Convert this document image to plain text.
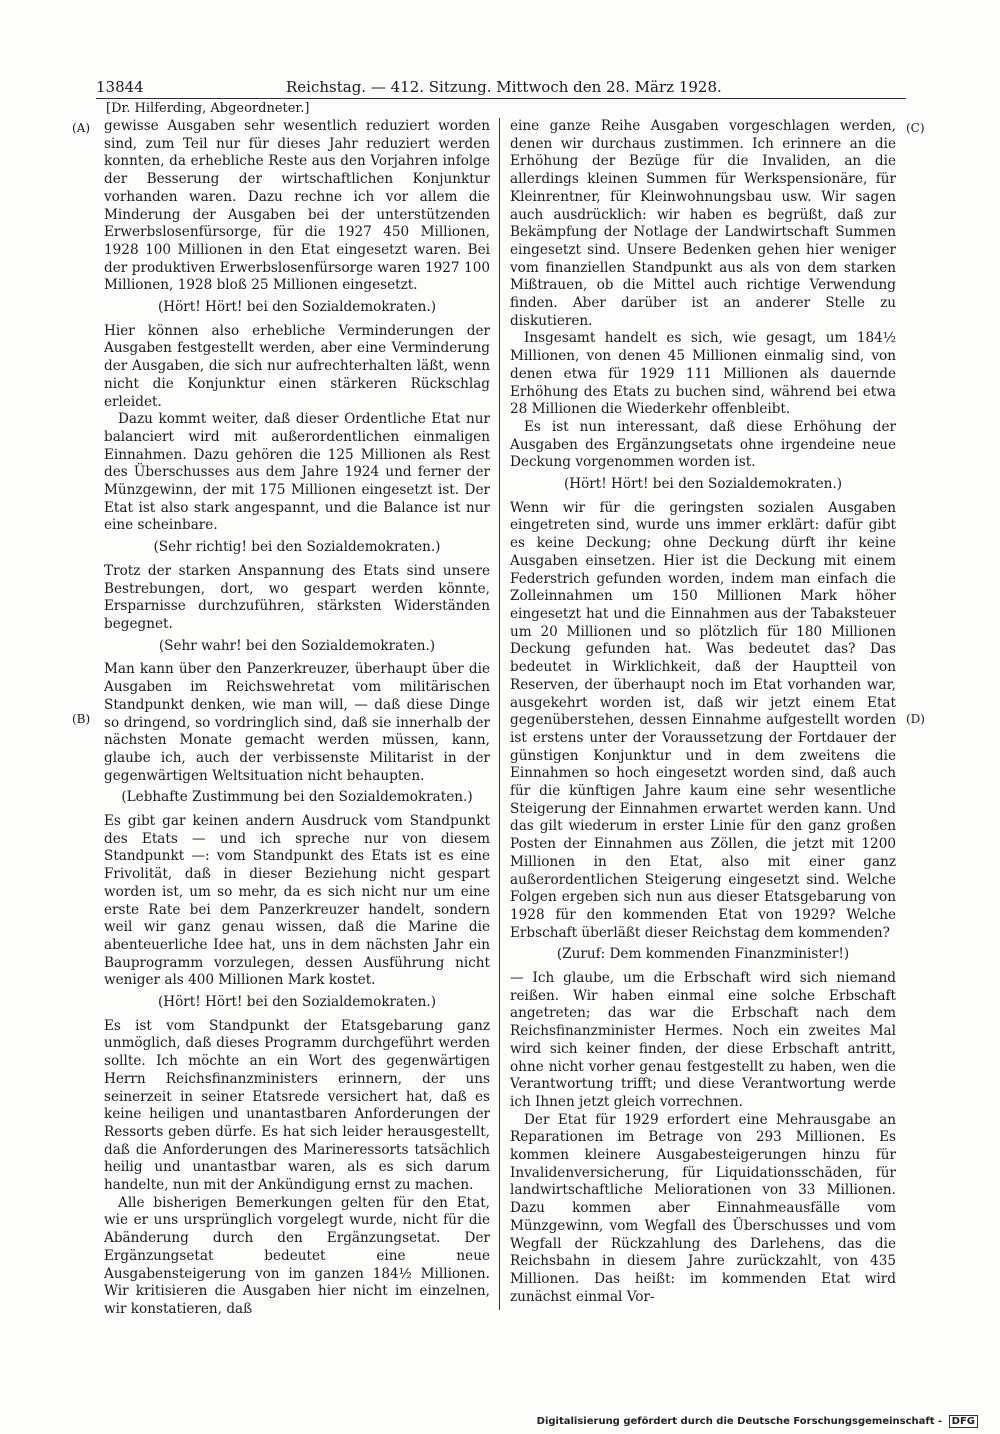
13844	Reichstag. — 412. Sitzung. Mittwoch den 28. März 1928.
[Dr. Hilferding, Abgeordneter.]
(A)
(B)
(C)
(D)

gewisse Ausgaben sehr wesentlich reduziert worden sind, zum Teil nur für dieses Jahr reduziert werden konnten, da erhebliche Reste aus den Vorjahren infolge der Besserung der wirtschaftlichen Konjunktur vorhanden waren. Dazu rechne ich vor allem die Minderung der Ausgaben bei der unterstützenden Erwerbslosenfürsorge, für die 1927 450 Millionen, 1928 100 Millionen in den Etat eingesetzt waren. Bei der produktiven Erwerbslosenfürsorge waren 1927 100 Millionen, 1928 bloß 25 Millionen eingesetzt.

(Hört! Hört! bei den Sozialdemokraten.)

Hier können also erhebliche Verminderungen der Ausgaben festgestellt werden, aber eine Verminderung der Ausgaben, die sich nur aufrechterhalten läßt, wenn nicht die Konjunktur einen stärkeren Rückschlag erleidet.

Dazu kommt weiter, daß dieser Ordentliche Etat nur balanciert wird mit außerordentlichen einmaligen Einnahmen. Dazu gehören die 125 Millionen als Rest des Überschusses aus dem Jahre 1924 und ferner der Münzgewinn, der mit 175 Millionen eingesetzt ist. Der Etat ist also stark angespannt, und die Balance ist nur eine scheinbare.

(Sehr richtig! bei den Sozialdemokraten.)

Trotz der starken Anspannung des Etats sind unsere Bestrebungen, dort, wo gespart werden könnte, Ersparnisse durchzuführen, stärksten Widerständen begegnet.

(Sehr wahr! bei den Sozialdemokraten.)

Man kann über den Panzerkreuzer, überhaupt über die Ausgaben im Reichswehretat vom militärischen Standpunkt denken, wie man will, — daß diese Dinge so dringend, so vordringlich sind, daß sie innerhalb der nächsten Monate gemacht werden müssen, kann, glaube ich, auch der verbissenste Militarist in der gegenwärtigen Weltsituation nicht behaupten.

(Lebhafte Zustimmung bei den Sozialdemokraten.)

Es gibt gar keinen andern Ausdruck vom Standpunkt des Etats — und ich spreche nur von diesem Standpunkt —: vom Standpunkt des Etats ist es eine Frivolität, daß in dieser Beziehung nicht gespart worden ist, um so mehr, da es sich nicht nur um eine erste Rate bei dem Panzerkreuzer handelt, sondern weil wir ganz genau wissen, daß die Marine die abenteuerliche Idee hat, uns in dem nächsten Jahr ein Bauprogramm vorzulegen, dessen Ausführung nicht weniger als 400 Millionen Mark kostet.

(Hört! Hört! bei den Sozialdemokraten.)

Es ist vom Standpunkt der Etatsgebarung ganz unmöglich, daß dieses Programm durchgeführt werden sollte. Ich möchte an ein Wort des gegenwärtigen Herrn Reichsfinanzministers erinnern, der uns seinerzeit in seiner Etatsrede versichert hat, daß es keine heiligen und unantastbaren Anforderungen der Ressorts geben dürfe. Es hat sich leider herausgestellt, daß die Anforderungen des Marineressorts tatsächlich heilig und unantastbar waren, als es sich darum handelte, nun mit der Ankündigung ernst zu machen.

Alle bisherigen Bemerkungen gelten für den Etat, wie er uns ursprünglich vorgelegt wurde, nicht für die Abänderung durch den Ergänzungsetat. Der Ergänzungsetat bedeutet eine neue Ausgabensteigerung von im ganzen 184½ Millionen. Wir kritisieren die Ausgaben hier nicht im einzelnen, wir konstatieren, daß

eine ganze Reihe Ausgaben vorgeschlagen werden, denen wir durchaus zustimmen. Ich erinnere an die Erhöhung der Bezüge für die Invaliden, an die allerdings kleinen Summen für Werkspensionäre, für Kleinrentner, für Kleinwohnungsbau usw. Wir sagen auch ausdrücklich: wir haben es begrüßt, daß zur Bekämpfung der Notlage der Landwirtschaft Summen eingesetzt sind. Unsere Bedenken gehen hier weniger vom finanziellen Standpunkt aus als von dem starken Mißtrauen, ob die Mittel auch richtige Verwendung finden. Aber darüber ist an anderer Stelle zu diskutieren.

Insgesamt handelt es sich, wie gesagt, um 184½ Millionen, von denen 45 Millionen einmalig sind, von denen etwa für 1929 111 Millionen als dauernde Erhöhung des Etats zu buchen sind, während bei etwa 28 Millionen die Wiederkehr offenbleibt.

Es ist nun interessant, daß diese Erhöhung der Ausgaben des Ergänzungsetats ohne irgendeine neue Deckung vorgenommen worden ist.

(Hört! Hört! bei den Sozialdemokraten.)

Wenn wir für die geringsten sozialen Ausgaben eingetreten sind, wurde uns immer erklärt: dafür gibt es keine Deckung; ohne Deckung dürft ihr keine Ausgaben einsetzen. Hier ist die Deckung mit einem Federstrich gefunden worden, indem man einfach die Zolleinnahmen um 150 Millionen Mark höher eingesetzt hat und die Einnahmen aus der Tabaksteuer um 20 Millionen und so plötzlich für 180 Millionen Deckung gefunden hat. Was bedeutet das? Das bedeutet in Wirklichkeit, daß der Hauptteil von Reserven, der überhaupt noch im Etat vorhanden war, ausgekehrt worden ist, daß wir jetzt einem Etat gegenüberstehen, dessen Einnahme aufgestellt worden ist erstens unter der Voraussetzung der Fortdauer der günstigen Konjunktur und in dem zweitens die Einnahmen so hoch eingesetzt worden sind, daß auch für die künftigen Jahre kaum eine sehr wesentliche Steigerung der Einnahmen erwartet werden kann. Und das gilt wiederum in erster Linie für den ganz großen Posten der Einnahmen aus Zöllen, die jetzt mit 1200 Millionen in den Etat, also mit einer ganz außerordentlichen Steigerung eingesetzt sind. Welche Folgen ergeben sich nun aus dieser Etatsgebarung von 1928 für den kommenden Etat von 1929? Welche Erbschaft überläßt dieser Reichstag dem kommenden?

(Zuruf: Dem kommenden Finanzminister!)

— Ich glaube, um die Erbschaft wird sich niemand reißen. Wir haben einmal eine solche Erbschaft angetreten; das war die Erbschaft nach dem Reichsfinanzminister Hermes. Noch ein zweites Mal wird sich keiner finden, der diese Erbschaft antritt, ohne nicht vorher genau festgestellt zu haben, wen die Verantwortung trifft; und diese Verantwortung werde ich Ihnen jetzt gleich vorrechnen.

Der Etat für 1929 erfordert eine Mehrausgabe an Reparationen im Betrage von 293 Millionen. Es kommen kleinere Ausgabesteigerungen hinzu für Invalidenversicherung, für Liquidationsschäden, für landwirtschaftliche Meliorationen von 33 Millionen. Dazu kommen aber Einnahmeausfälle vom Münzgewinn, vom Wegfall des Überschusses und vom Wegfall der Rückzahlung des Darlehens, das die Reichsbahn in diesem Jahre zurückzahlt, von 435 Millionen. Das heißt: im kommenden Etat wird zunächst einmal Vor-

Digitalisierung gefördert durch die Deutsche Forschungsgemeinschaft - DFG
